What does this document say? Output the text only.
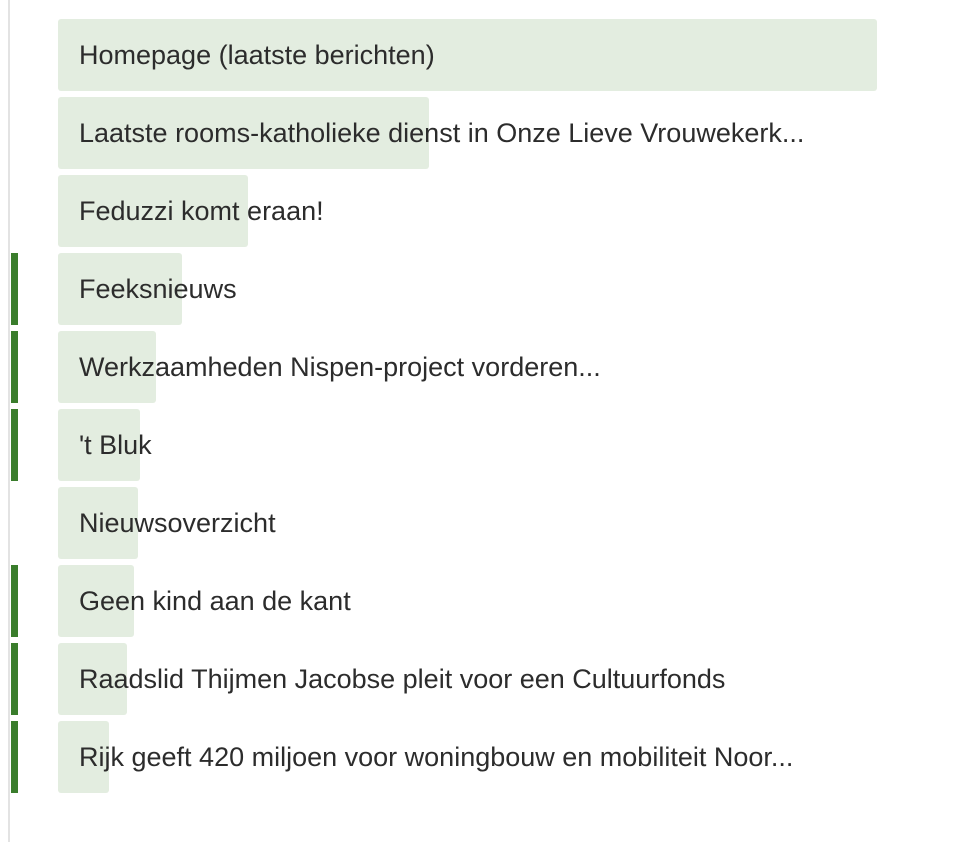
Homepage (laatste berichten)
Laatste rooms-katholieke dienst in Onze Lieve Vrouwekerk...
Feduzzi komt eraan!
Feeksnieuws
Werkzaamheden Nispen-project vorderen...
't Bluk
Nieuwsoverzicht
Geen kind aan de kant
Raadslid Thijmen Jacobse pleit voor een Cultuurfonds
Rijk geeft 420 miljoen voor woningbouw en mobiliteit Noor...
